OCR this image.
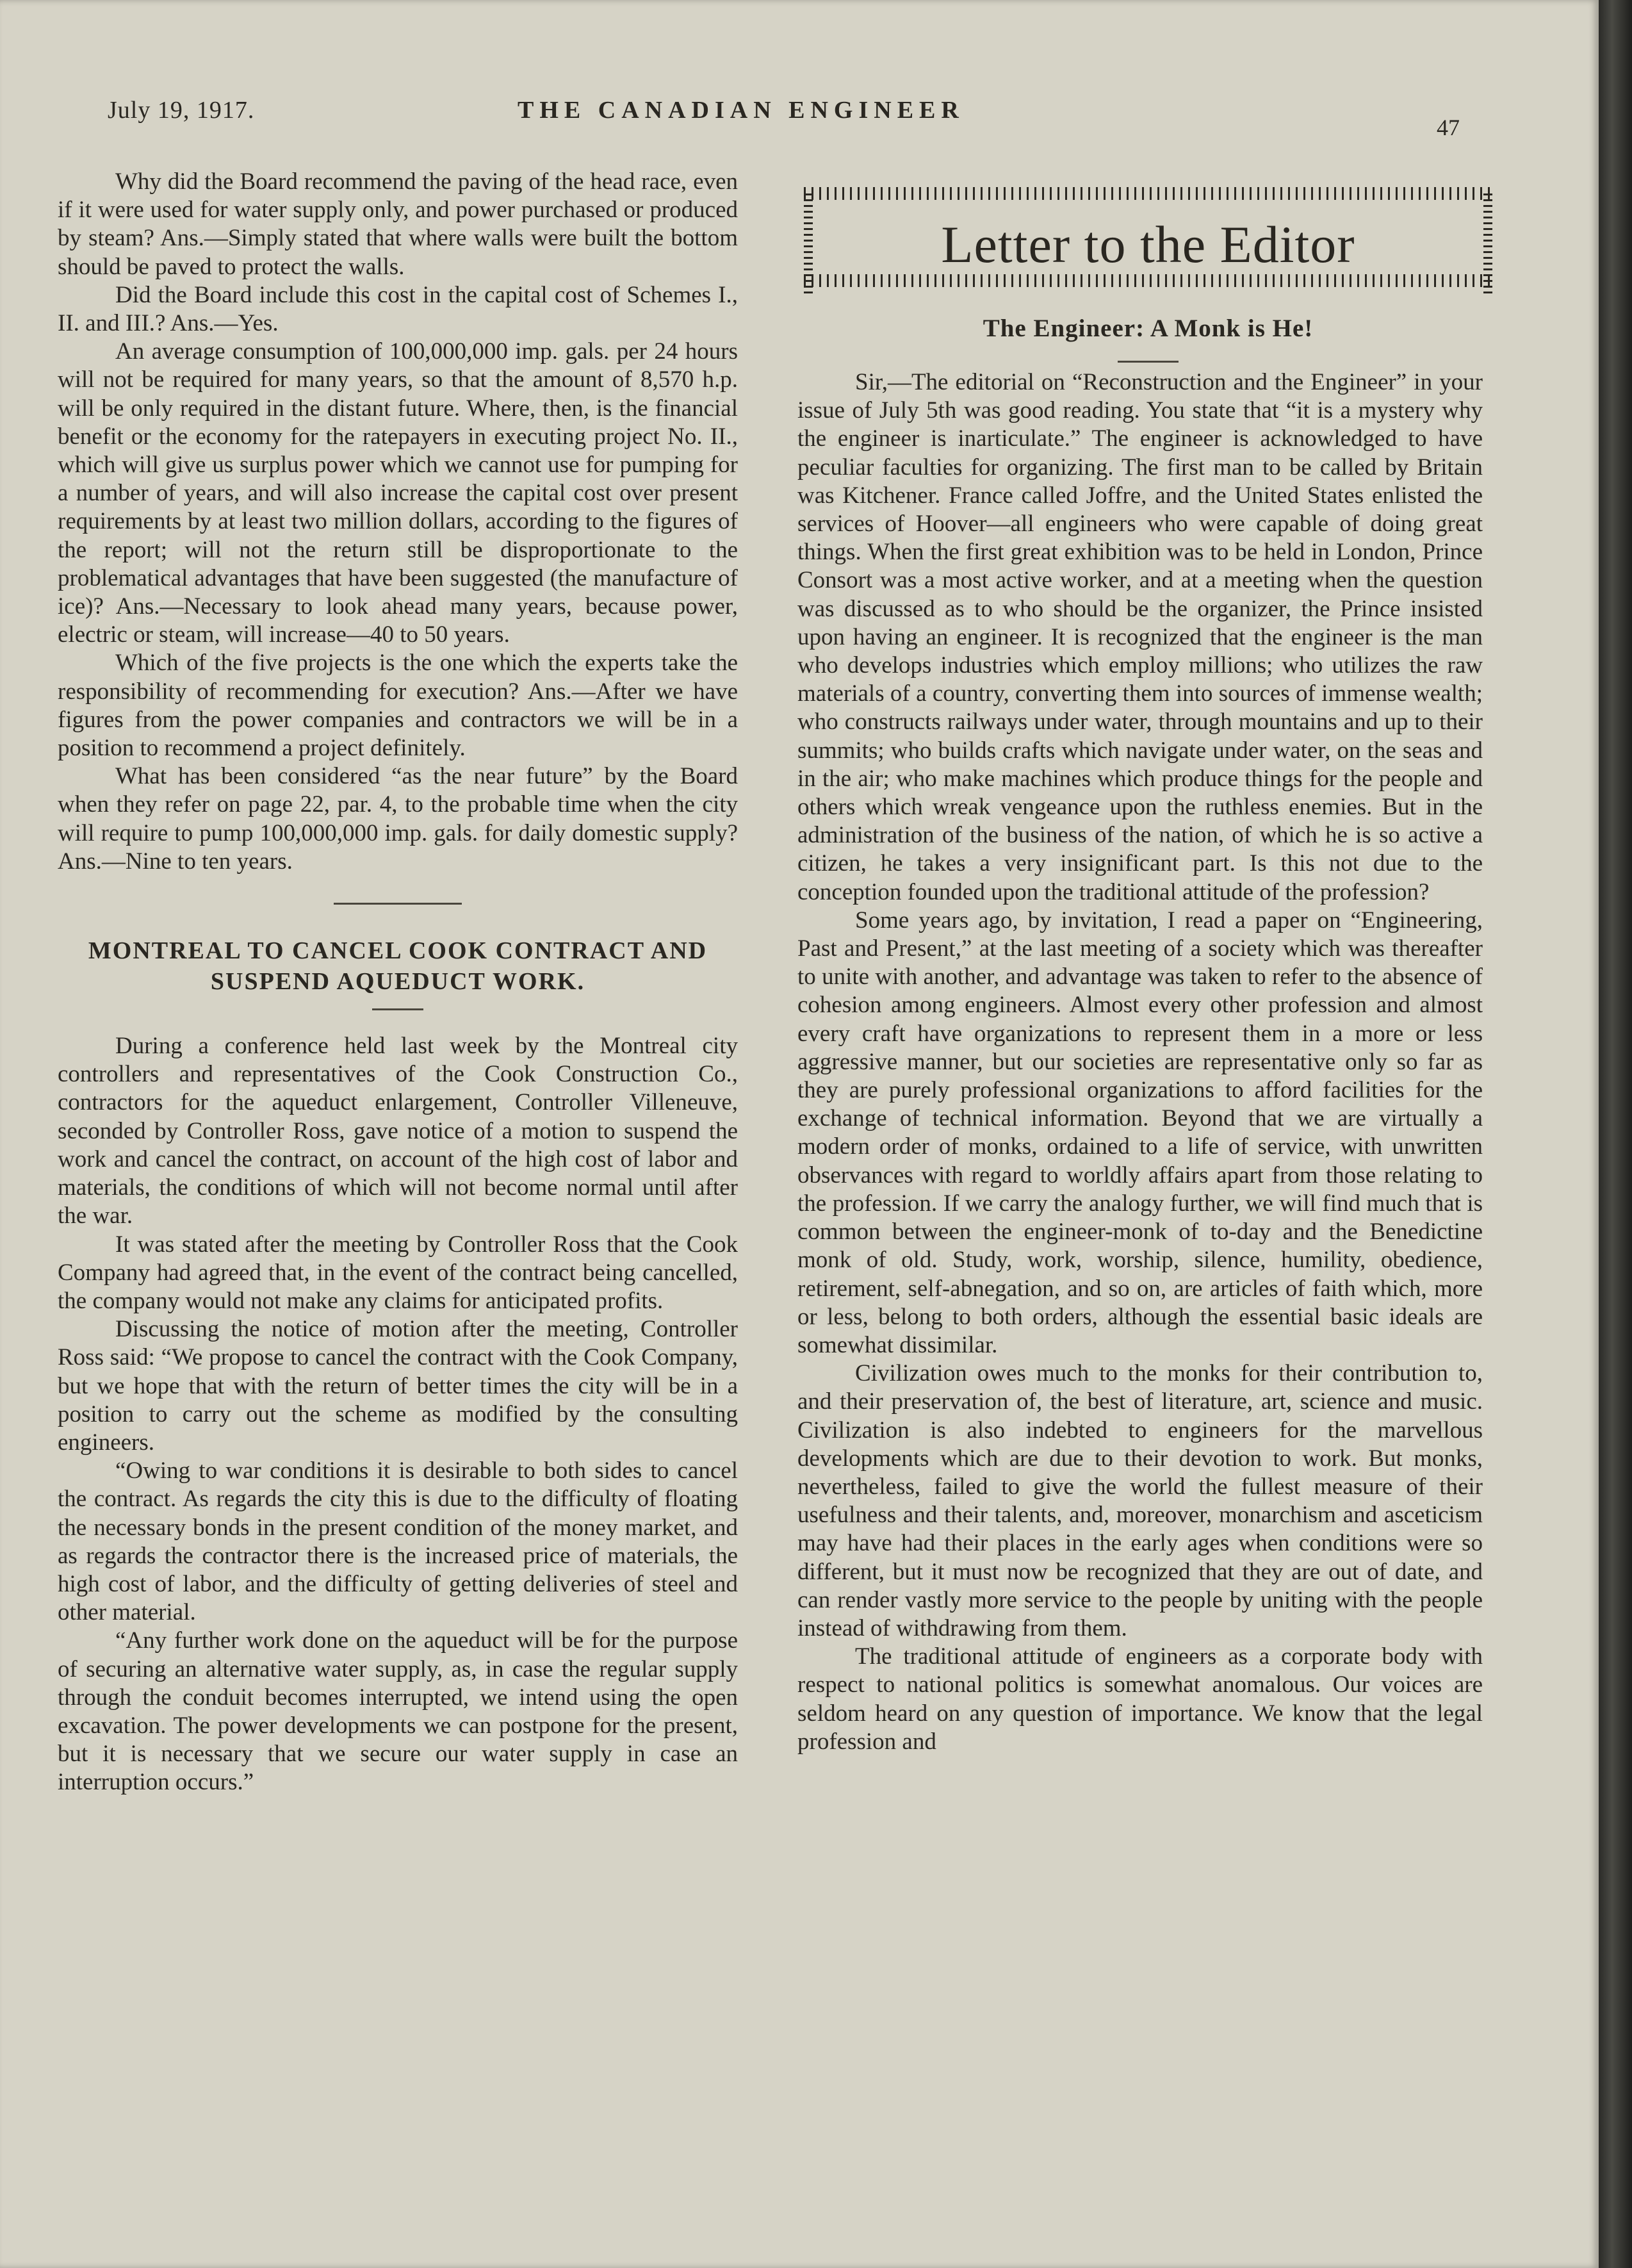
July 19, 1917.	THE CANADIAN ENGINEER
47

Why did the Board recommend the paving of the head race, even if it were used for water supply only, and power purchased or produced by steam? Ans.—Simply stated that where walls were built the bottom should be paved to protect the walls.

Did the Board include this cost in the capital cost of Schemes I., II. and III.? Ans.—Yes.

An average consumption of 100,000,000 imp. gals. per 24 hours will not be required for many years, so that the amount of 8,570 h.p. will be only required in the distant future. Where, then, is the financial benefit or the economy for the ratepayers in executing project No. II., which will give us surplus power which we cannot use for pumping for a number of years, and will also increase the capital cost over present requirements by at least two million dollars, according to the figures of the report; will not the return still be disproportionate to the problematical advantages that have been suggested (the manufacture of ice)? Ans.—Necessary to look ahead many years, because power, electric or steam, will increase—40 to 50 years.

Which of the five projects is the one which the experts take the responsibility of recommending for execution? Ans.—After we have figures from the power companies and contractors we will be in a position to recommend a project definitely.

What has been considered “as the near future” by the Board when they refer on page 22, par. 4, to the probable time when the city will require to pump 100,000,000 imp. gals. for daily domestic supply? Ans.—Nine to ten years.

MONTREAL TO CANCEL COOK CONTRACT AND
SUSPEND AQUEDUCT WORK.

During a conference held last week by the Montreal city controllers and representatives of the Cook Construction Co., contractors for the aqueduct enlargement, Controller Villeneuve, seconded by Controller Ross, gave notice of a motion to suspend the work and cancel the contract, on account of the high cost of labor and materials, the conditions of which will not become normal until after the war.

It was stated after the meeting by Controller Ross that the Cook Company had agreed that, in the event of the contract being cancelled, the company would not make any claims for anticipated profits.

Discussing the notice of motion after the meeting, Controller Ross said: “We propose to cancel the contract with the Cook Company, but we hope that with the return of better times the city will be in a position to carry out the scheme as modified by the consulting engineers.

“Owing to war conditions it is desirable to both sides to cancel the contract. As regards the city this is due to the difficulty of floating the necessary bonds in the present condition of the money market, and as regards the contractor there is the increased price of materials, the high cost of labor, and the difficulty of getting deliveries of steel and other material.

“Any further work done on the aqueduct will be for the purpose of securing an alternative water supply, as, in case the regular supply through the conduit becomes interrupted, we intend using the open excavation. The power developments we can postpone for the present, but it is necessary that we secure our water supply in case an interruption occurs.”

Letter to the Editor
The Engineer: A Monk is He!

Sir,—The editorial on “Reconstruction and the Engineer” in your issue of July 5th was good reading. You state that “it is a mystery why the engineer is inarticulate.” The engineer is acknowledged to have peculiar faculties for organizing. The first man to be called by Britain was Kitchener. France called Joffre, and the United States enlisted the services of Hoover—all engineers who were capable of doing great things. When the first great exhibition was to be held in London, Prince Consort was a most active worker, and at a meeting when the question was discussed as to who should be the organizer, the Prince insisted upon having an engineer. It is recognized that the engineer is the man who develops industries which employ millions; who utilizes the raw materials of a country, converting them into sources of immense wealth; who constructs railways under water, through mountains and up to their summits; who builds crafts which navigate under water, on the seas and in the air; who make machines which produce things for the people and others which wreak vengeance upon the ruthless enemies. But in the administration of the business of the nation, of which he is so active a citizen, he takes a very insignificant part. Is this not due to the conception founded upon the traditional attitude of the profession?

Some years ago, by invitation, I read a paper on “Engineering, Past and Present,” at the last meeting of a society which was thereafter to unite with another, and advantage was taken to refer to the absence of cohesion among engineers. Almost every other profession and almost every craft have organizations to represent them in a more or less aggressive manner, but our societies are representative only so far as they are purely professional organizations to afford facilities for the exchange of technical information. Beyond that we are virtually a modern order of monks, ordained to a life of service, with unwritten observances with regard to worldly affairs apart from those relating to the profession. If we carry the analogy further, we will find much that is common between the engineer-monk of to-day and the Benedictine monk of old. Study, work, worship, silence, humility, obedience, retirement, self-abnegation, and so on, are articles of faith which, more or less, belong to both orders, although the essential basic ideals are somewhat dissimilar.

Civilization owes much to the monks for their contribution to, and their preservation of, the best of literature, art, science and music. Civilization is also indebted to engineers for the marvellous developments which are due to their devotion to work. But monks, nevertheless, failed to give the world the fullest measure of their usefulness and their talents, and, moreover, monarchism and asceticism may have had their places in the early ages when conditions were so different, but it must now be recognized that they are out of date, and can render vastly more service to the people by uniting with the people instead of withdrawing from them.

The traditional attitude of engineers as a corporate body with respect to national politics is somewhat anomalous. Our voices are seldom heard on any question of importance. We know that the legal profession and
